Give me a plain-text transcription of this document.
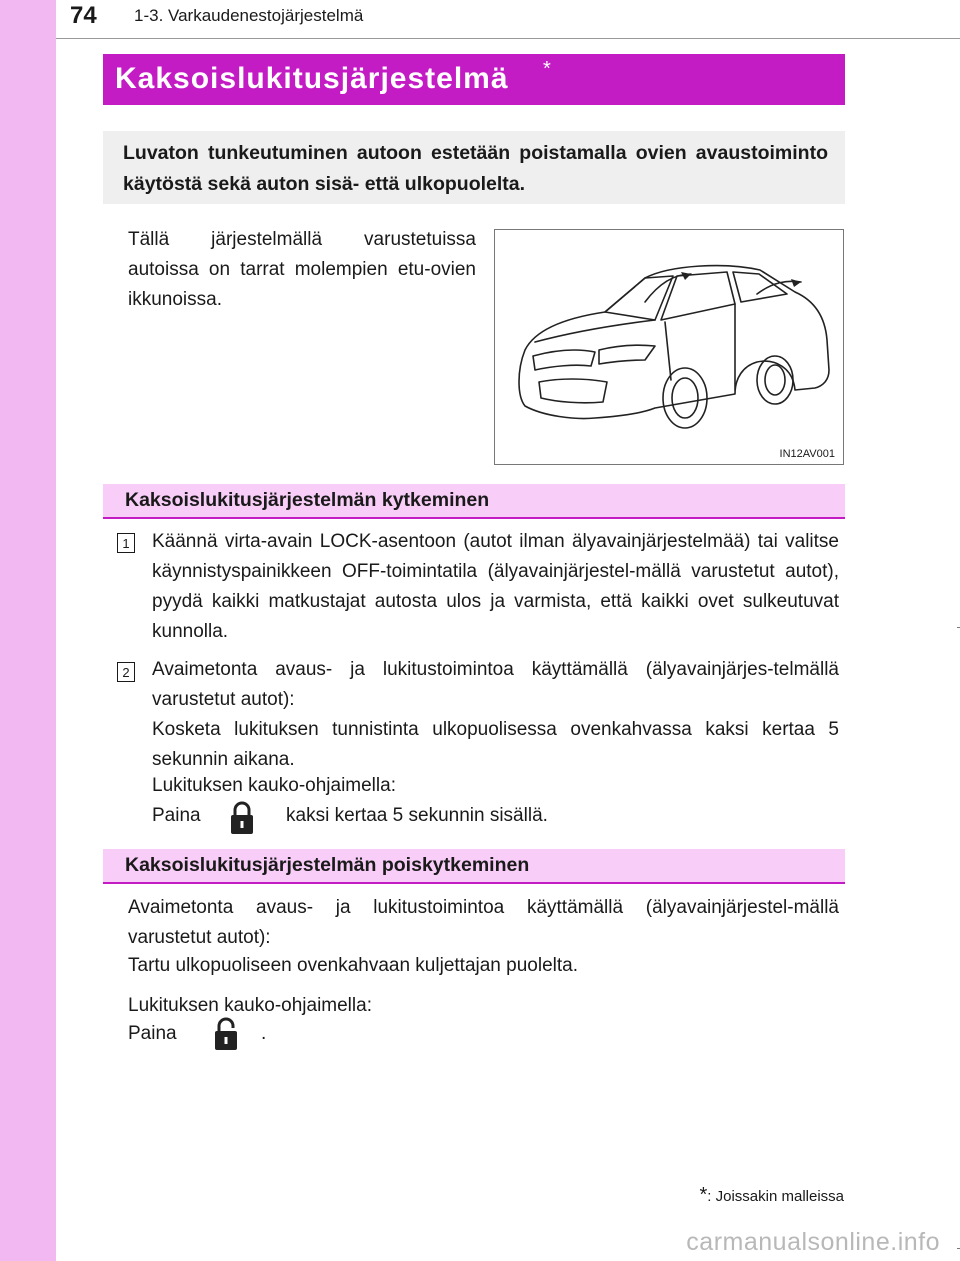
74 1-3. Varkaudenestojärjestelmä
Kaksoislukitusjärjestelmä *

Luvaton tunkeutuminen autoon estetään poistamalla ovien avaustoiminto käytöstä sekä auton sisä- että ulkopuolelta.

Tällä järjestelmällä varustetuissa autoissa on tarrat molempien etu-ovien ikkunoissa.
IN12AV001
Kaksoislukitusjärjestelmän kytkeminen
1 Käännä virta-avain LOCK-asentoon (autot ilman älyavainjärjestelmää) tai valitse käynnistyspainikkeen OFF-toimintatila (älyavainjärjestel-mällä varustetut autot), pyydä kaikki matkustajat autosta ulos ja varmista, että kaikki ovet sulkeutuvat kunnolla.
2 Avaimetonta avaus- ja lukitustoimintoa käyttämällä (älyavainjärjes-telmällä varustetut autot):
Kosketa lukituksen tunnistinta ulkopuolisessa ovenkahvassa kaksi kertaa 5 sekunnin aikana.
Lukituksen kauko-ohjaimella:
Paina	kaksi kertaa 5 sekunnin sisällä.
Kaksoislukitusjärjestelmän poiskytkeminen
Avaimetonta avaus- ja lukitustoimintoa käyttämällä (älyavainjärjestel-mällä varustetut autot):
Tartu ulkopuoliseen ovenkahvaan kuljettajan puolelta.
Lukituksen kauko-ohjaimella:
Paina	.
*: Joissakin malleissa
carmanualsonline.info
